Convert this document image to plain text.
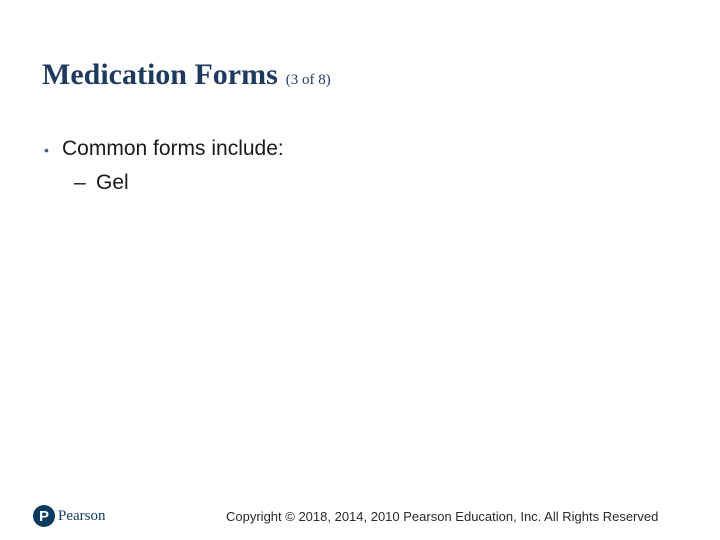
Medication Forms (3 of 8)
• Common forms include:
– Gel
P Pearson	Copyright © 2018, 2014, 2010 Pearson Education, Inc. All Rights Reserved
